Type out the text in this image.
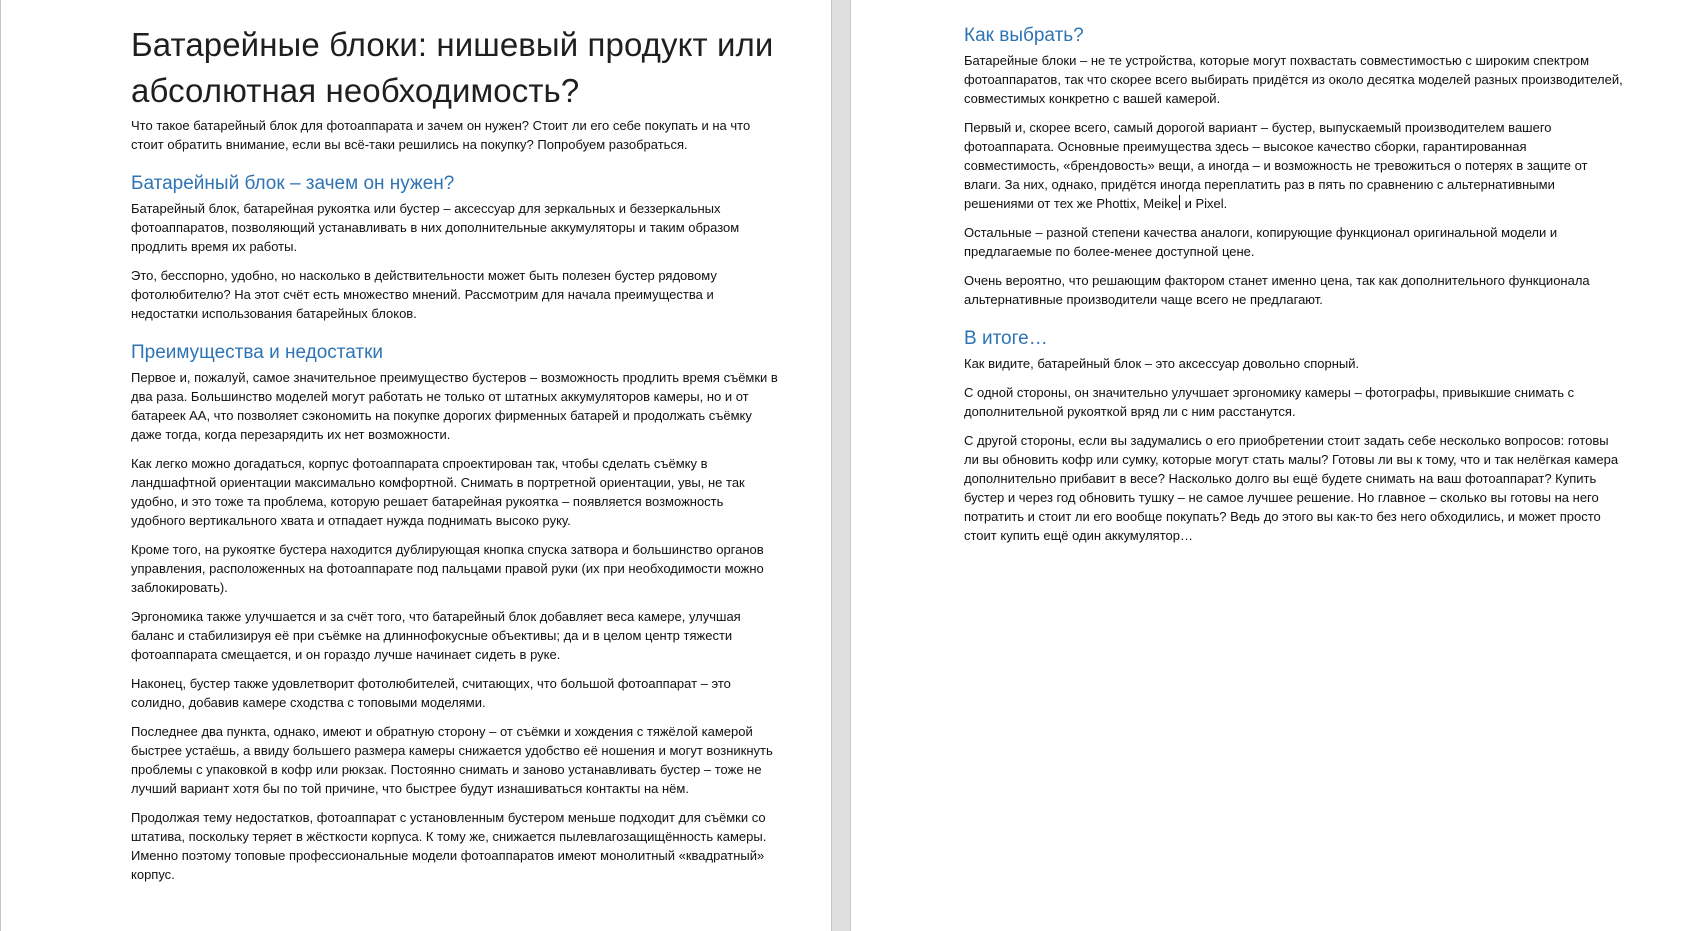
Батарейные блоки: нишевый продукт или абсолютная необходимость?

Что такое батарейный блок для фотоаппарата и зачем он нужен? Стоит ли его себе покупать и на что стоит обратить внимание, если вы всё-таки решились на покупку? Попробуем разобраться.

Батарейный блок – зачем он нужен?

Батарейный блок, батарейная рукоятка или бустер – аксессуар для зеркальных и беззеркальных фотоаппаратов, позволяющий устанавливать в них дополнительные аккумуляторы и таким образом продлить время их работы.

Это, бесспорно, удобно, но насколько в действительности может быть полезен бустер рядовому фотолюбителю? На этот счёт есть множество мнений. Рассмотрим для начала преимущества и недостатки использования батарейных блоков.

Преимущества и недостатки

Первое и, пожалуй, самое значительное преимущество бустеров – возможность продлить время съёмки в два раза. Большинство моделей могут работать не только от штатных аккумуляторов камеры, но и от батареек АА, что позволяет сэкономить на покупке дорогих фирменных батарей и продолжать съёмку даже тогда, когда перезарядить их нет возможности.

Как легко можно догадаться, корпус фотоаппарата спроектирован так, чтобы сделать съёмку в ландшафтной ориентации максимально комфортной. Снимать в портретной ориентации, увы, не так удобно, и это тоже та проблема, которую решает батарейная рукоятка – появляется возможность удобного вертикального хвата и отпадает нужда поднимать высоко руку.

Кроме того, на рукоятке бустера находится дублирующая кнопка спуска затвора и большинство органов управления, расположенных на фотоаппарате под пальцами правой руки (их при необходимости можно заблокировать).

Эргономика также улучшается и за счёт того, что батарейный блок добавляет веса камере, улучшая баланс и стабилизируя её при съёмке на длиннофокусные объективы; да и в целом центр тяжести фотоаппарата смещается, и он гораздо лучше начинает сидеть в руке.

Наконец, бустер также удовлетворит фотолюбителей, считающих, что большой фотоаппарат – это солидно, добавив камере сходства с топовыми моделями.

Последнее два пункта, однако, имеют и обратную сторону – от съёмки и хождения с тяжёлой камерой быстрее устаёшь, а ввиду большего размера камеры снижается удобство её ношения и могут возникнуть проблемы с упаковкой в кофр или рюкзак. Постоянно снимать и заново устанавливать бустер – тоже не лучший вариант хотя бы по той причине, что быстрее будут изнашиваться контакты на нём.

Продолжая тему недостатков, фотоаппарат с установленным бустером меньше подходит для съёмки со штатива, поскольку теряет в жёсткости корпуса. К тому же, снижается пылевлагозащищённость камеры. Именно поэтому топовые профессиональные модели фотоаппаратов имеют монолитный «квадратный» корпус.

Как выбрать?

Батарейные блоки – не те устройства, которые могут похвастать совместимостью с широким спектром фотоаппаратов, так что скорее всего выбирать придётся из около десятка моделей разных производителей, совместимых конкретно с вашей камерой.

Первый и, скорее всего, самый дорогой вариант – бустер, выпускаемый производителем вашего фотоаппарата. Основные преимущества здесь – высокое качество сборки, гарантированная совместимость, «брендовость» вещи, а иногда – и возможность не тревожиться о потерях в защите от влаги. За них, однако, придётся иногда переплатить раз в пять по сравнению с альтернативными решениями от тех же Phottix, Meike и Pixel.

Остальные – разной степени качества аналоги, копирующие функционал оригинальной модели и предлагаемые по более-менее доступной цене.

Очень вероятно, что решающим фактором станет именно цена, так как дополнительного функционала альтернативные производители чаще всего не предлагают.

В итоге…

Как видите, батарейный блок – это аксессуар довольно спорный.

С одной стороны, он значительно улучшает эргономику камеры – фотографы, привыкшие снимать с дополнительной рукояткой вряд ли с ним расстанутся.

С другой стороны, если вы задумались о его приобретении стоит задать себе несколько вопросов: готовы ли вы обновить кофр или сумку, которые могут стать малы? Готовы ли вы к тому, что и так нелёгкая камера дополнительно прибавит в весе? Насколько долго вы ещё будете снимать на ваш фотоаппарат? Купить бустер и через год обновить тушку – не самое лучшее решение. Но главное – сколько вы готовы на него потратить и стоит ли его вообще покупать? Ведь до этого вы как-то без него обходились, и может просто стоит купить ещё один аккумулятор…
